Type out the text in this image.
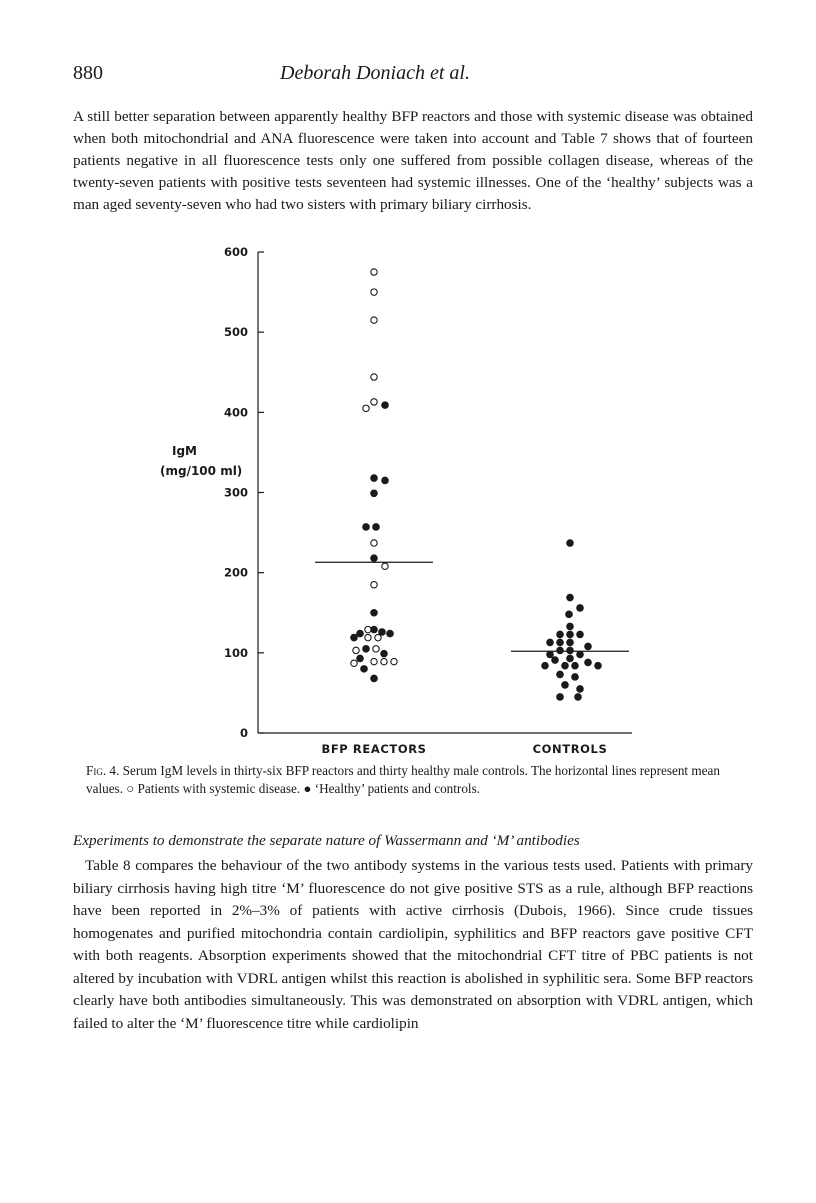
880	Deborah Doniach et al.

A still better separation between apparently healthy BFP reactors and those with systemic disease was obtained when both mitochondrial and ANA fluorescence were taken into account and Table 7 shows that of fourteen patients negative in all fluorescence tests only one suffered from possible collagen disease, whereas of the twenty-seven patients with positive tests seventeen had systemic illnesses. One of the ‘healthy’ subjects was a man aged seventy-seven who had two sisters with primary biliary cirrhosis.

0
100
200
300
400
500
600
IgM
(mg/100 ml)
BFP REACTORS	CONTROLS

Fig. 4. Serum IgM levels in thirty-six BFP reactors and thirty healthy male controls. The horizontal lines represent mean values. ○ Patients with systemic disease. ● ‘Healthy’ patients and controls.

Experiments to demonstrate the separate nature of Wassermann and ‘M’ antibodies

Table 8 compares the behaviour of the two antibody systems in the various tests used. Patients with primary biliary cirrhosis having high titre ‘M’ fluorescence do not give positive STS as a rule, although BFP reactions have been reported in 2%–3% of patients with active cirrhosis (Dubois, 1966). Since crude tissues homogenates and purified mitochondria contain cardiolipin, syphilitics and BFP reactors gave positive CFT with both reagents. Absorption experiments showed that the mitochondrial CFT titre of PBC patients is not altered by incubation with VDRL antigen whilst this reaction is abolished in syphilitic sera. Some BFP reactors clearly have both antibodies simultaneously. This was demonstrated on absorption with VDRL antigen, which failed to alter the ‘M’ fluorescence titre while cardiolipin
